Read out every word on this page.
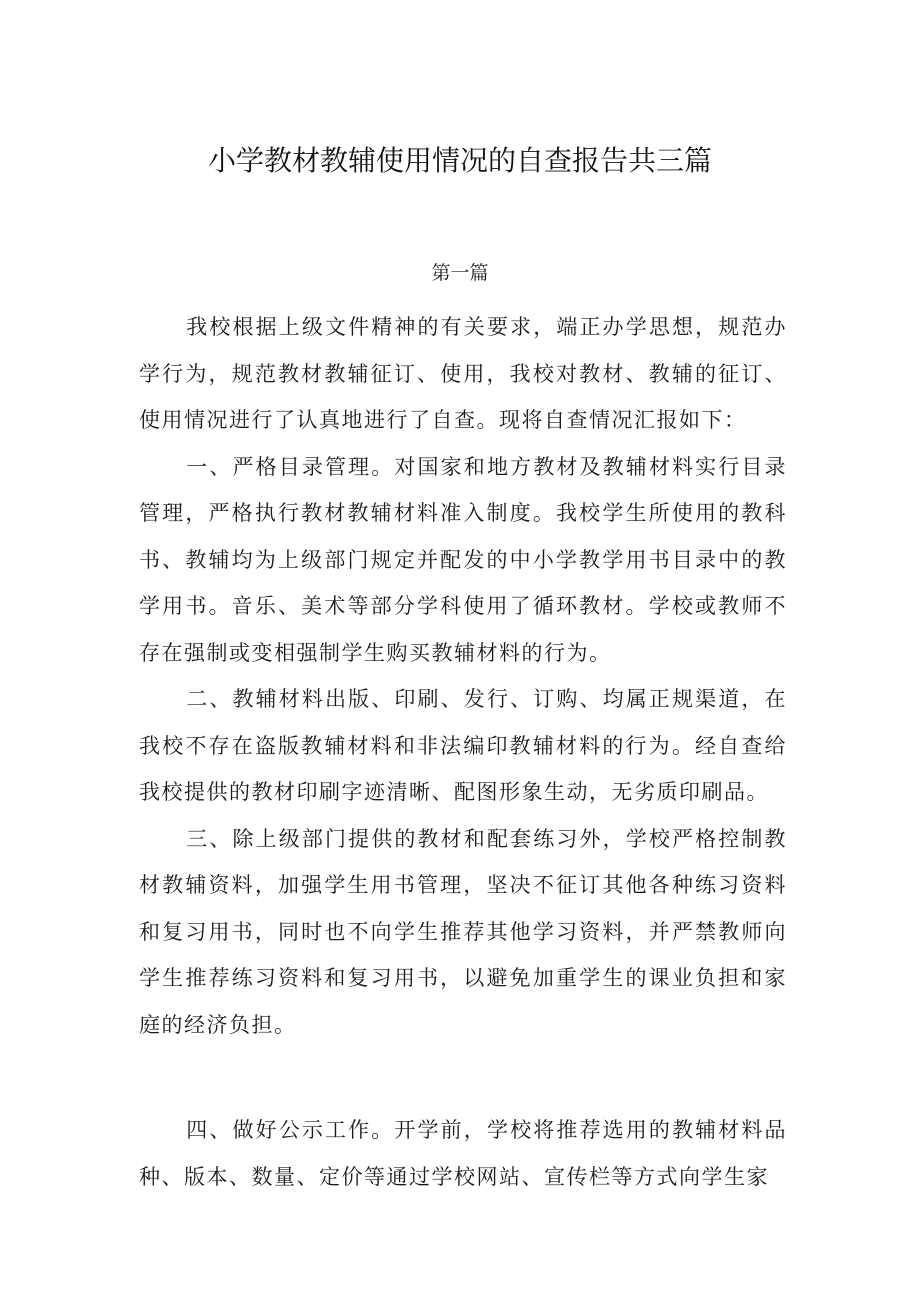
小学教材教辅使用情况的自查报告共三篇
第一篇

我校根据上级文件精神的有关要求，端正办学思想，规范办学行为，规范教材教辅征订、使用，我校对教材、教辅的征订、使用情况进行了认真地进行了自查。现将自查情况汇报如下：

一、严格目录管理。对国家和地方教材及教辅材料实行目录管理，严格执行教材教辅材料准入制度。我校学生所使用的教科书、教辅均为上级部门规定并配发的中小学教学用书目录中的教学用书。音乐、美术等部分学科使用了循环教材。学校或教师不存在强制或变相强制学生购买教辅材料的行为。

二、教辅材料出版、印刷、发行、订购、均属正规渠道，在我校不存在盗版教辅材料和非法编印教辅材料的行为。经自查给我校提供的教材印刷字迹清晰、配图形象生动，无劣质印刷品。

三、除上级部门提供的教材和配套练习外，学校严格控制教材教辅资料，加强学生用书管理，坚决不征订其他各种练习资料和复习用书，同时也不向学生推荐其他学习资料，并严禁教师向学生推荐练习资料和复习用书，以避免加重学生的课业负担和家庭的经济负担。

四、做好公示工作。开学前，学校将推荐选用的教辅材料品种、版本、数量、定价等通过学校网站、宣传栏等方式向学生家
